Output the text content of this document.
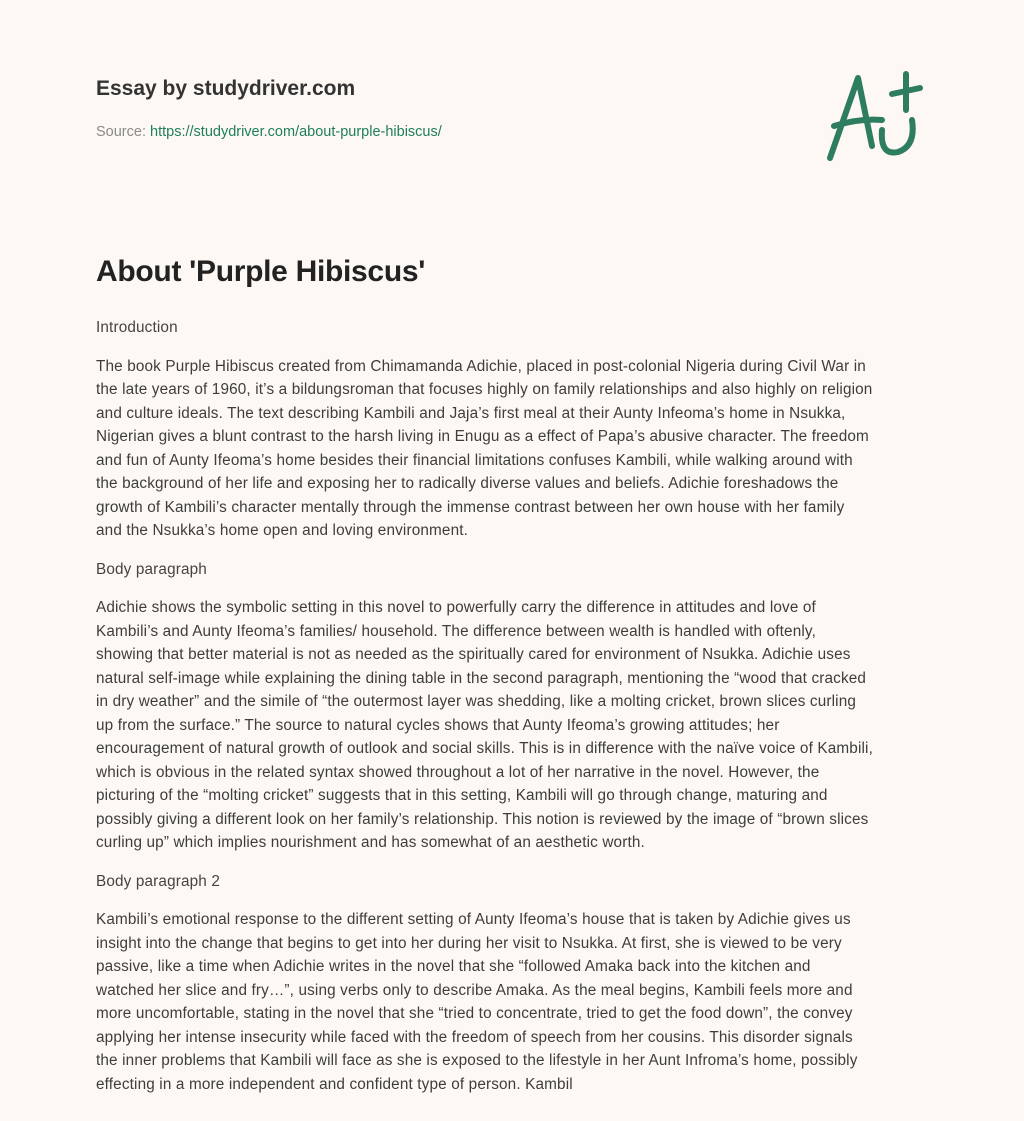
Essay by studydriver.com
Source: https://studydriver.com/about-purple-hibiscus/
About 'Purple Hibiscus'
Introduction
The book Purple Hibiscus created from Chimamanda Adichie, placed in post-colonial Nigeria during Civil War in
the late years of 1960, it’s a bildungsroman that focuses highly on family relationships and also highly on religion
and culture ideals. The text describing Kambili and Jaja’s first meal at their Aunty Infeoma’s home in Nsukka,
Nigerian gives a blunt contrast to the harsh living in Enugu as a effect of Papa’s abusive character. The freedom
and fun of Aunty Ifeoma’s home besides their financial limitations confuses Kambili, while walking around with
the background of her life and exposing her to radically diverse values and beliefs. Adichie foreshadows the
growth of Kambili’s character mentally through the immense contrast between her own house with her family
and the Nsukka’s home open and loving environment.
Body paragraph
Adichie shows the symbolic setting in this novel to powerfully carry the difference in attitudes and love of
Kambili’s and Aunty Ifeoma’s families/ household. The difference between wealth is handled with oftenly,
showing that better material is not as needed as the spiritually cared for environment of Nsukka. Adichie uses
natural self-image while explaining the dining table in the second paragraph, mentioning the “wood that cracked
in dry weather” and the simile of “the outermost layer was shedding, like a molting cricket, brown slices curling
up from the surface.” The source to natural cycles shows that Aunty Ifeoma’s growing attitudes; her
encouragement of natural growth of outlook and social skills. This is in difference with the naïve voice of Kambili,
which is obvious in the related syntax showed throughout a lot of her narrative in the novel. However, the
picturing of the “molting cricket” suggests that in this setting, Kambili will go through change, maturing and
possibly giving a different look on her family’s relationship. This notion is reviewed by the image of “brown slices
curling up” which implies nourishment and has somewhat of an aesthetic worth.
Body paragraph 2
Kambili’s emotional response to the different setting of Aunty Ifeoma’s house that is taken by Adichie gives us
insight into the change that begins to get into her during her visit to Nsukka. At first, she is viewed to be very
passive, like a time when Adichie writes in the novel that she “followed Amaka back into the kitchen and
watched her slice and fry…”, using verbs only to describe Amaka. As the meal begins, Kambili feels more and
more uncomfortable, stating in the novel that she “tried to concentrate, tried to get the food down”, the convey
applying her intense insecurity while faced with the freedom of speech from her cousins. This disorder signals
the inner problems that Kambili will face as she is exposed to the lifestyle in her Aunt Infroma’s home, possibly
effecting in a more independent and confident type of person. Kambil
